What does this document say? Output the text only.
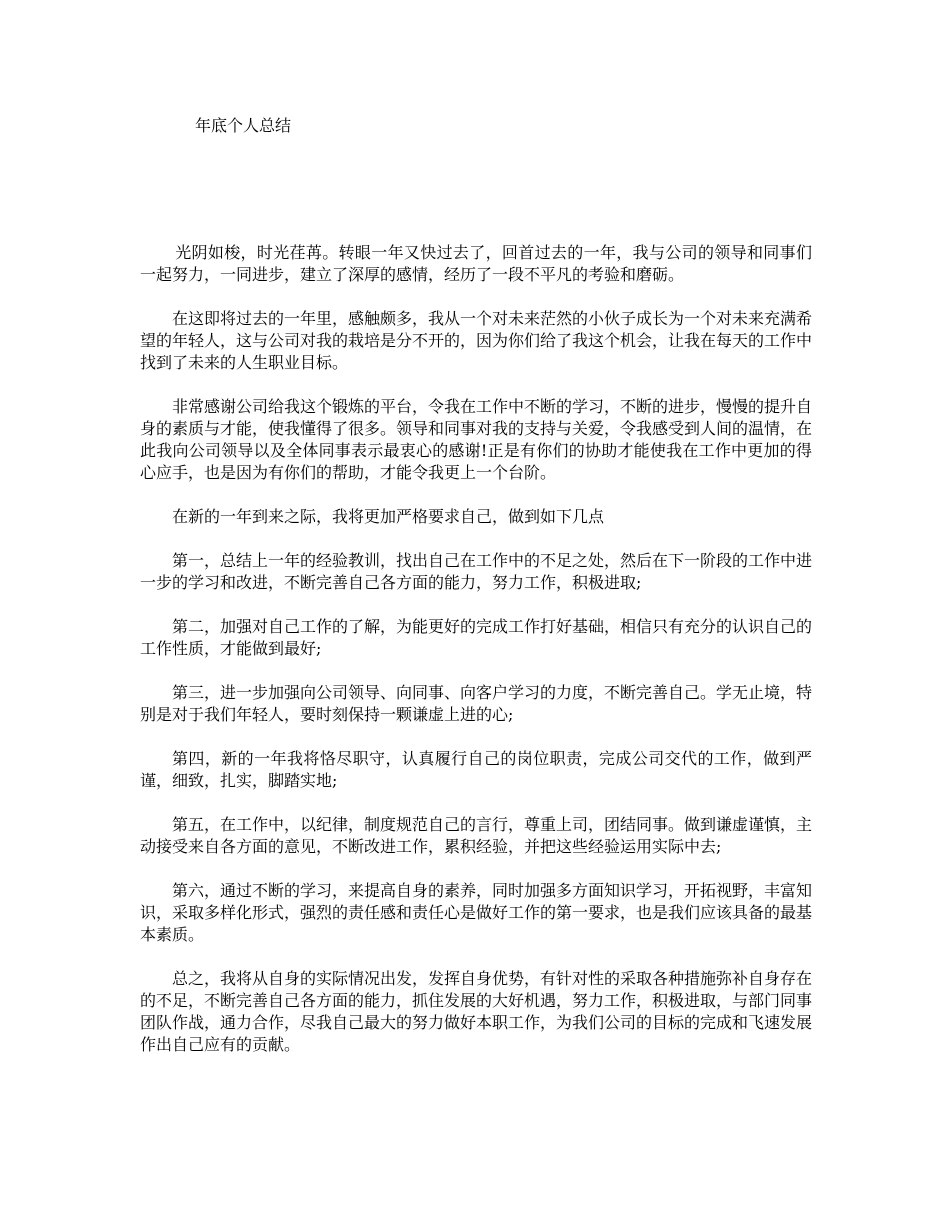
年底个人总结

光阴如梭，时光荏苒。转眼一年又快过去了，回首过去的一年，我与公司的领导和同事们一起努力，一同进步，建立了深厚的感情，经历了一段不平凡的考验和磨砺。

在这即将过去的一年里，感触颇多，我从一个对未来茫然的小伙子成长为一个对未来充满希望的年轻人，这与公司对我的栽培是分不开的，因为你们给了我这个机会，让我在每天的工作中找到了未来的人生职业目标。

非常感谢公司给我这个锻炼的平台，令我在工作中不断的学习，不断的进步，慢慢的提升自身的素质与才能，使我懂得了很多。领导和同事对我的支持与关爱，令我感受到人间的温情，在此我向公司领导以及全体同事表示最衷心的感谢!正是有你们的协助才能使我在工作中更加的得心应手，也是因为有你们的帮助，才能令我更上一个台阶。

在新的一年到来之际，我将更加严格要求自己，做到如下几点

第一，总结上一年的经验教训，找出自己在工作中的不足之处，然后在下一阶段的工作中进一步的学习和改进，不断完善自己各方面的能力，努力工作，积极进取;

第二，加强对自己工作的了解，为能更好的完成工作打好基础，相信只有充分的认识自己的工作性质，才能做到最好;

第三，进一步加强向公司领导、向同事、向客户学习的力度，不断完善自己。学无止境，特别是对于我们年轻人，要时刻保持一颗谦虚上进的心;

第四，新的一年我将恪尽职守，认真履行自己的岗位职责，完成公司交代的工作，做到严谨，细致，扎实，脚踏实地;

第五，在工作中，以纪律，制度规范自己的言行，尊重上司，团结同事。做到谦虚谨慎，主动接受来自各方面的意见，不断改进工作，累积经验，并把这些经验运用实际中去;

第六，通过不断的学习，来提高自身的素养，同时加强多方面知识学习，开拓视野，丰富知识，采取多样化形式，强烈的责任感和责任心是做好工作的第一要求，也是我们应该具备的最基本素质。

总之，我将从自身的实际情况出发，发挥自身优势，有针对性的采取各种措施弥补自身存在的不足，不断完善自己各方面的能力，抓住发展的大好机遇，努力工作，积极进取，与部门同事团队作战，通力合作，尽我自己最大的努力做好本职工作，为我们公司的目标的完成和飞速发展作出自己应有的贡献。
